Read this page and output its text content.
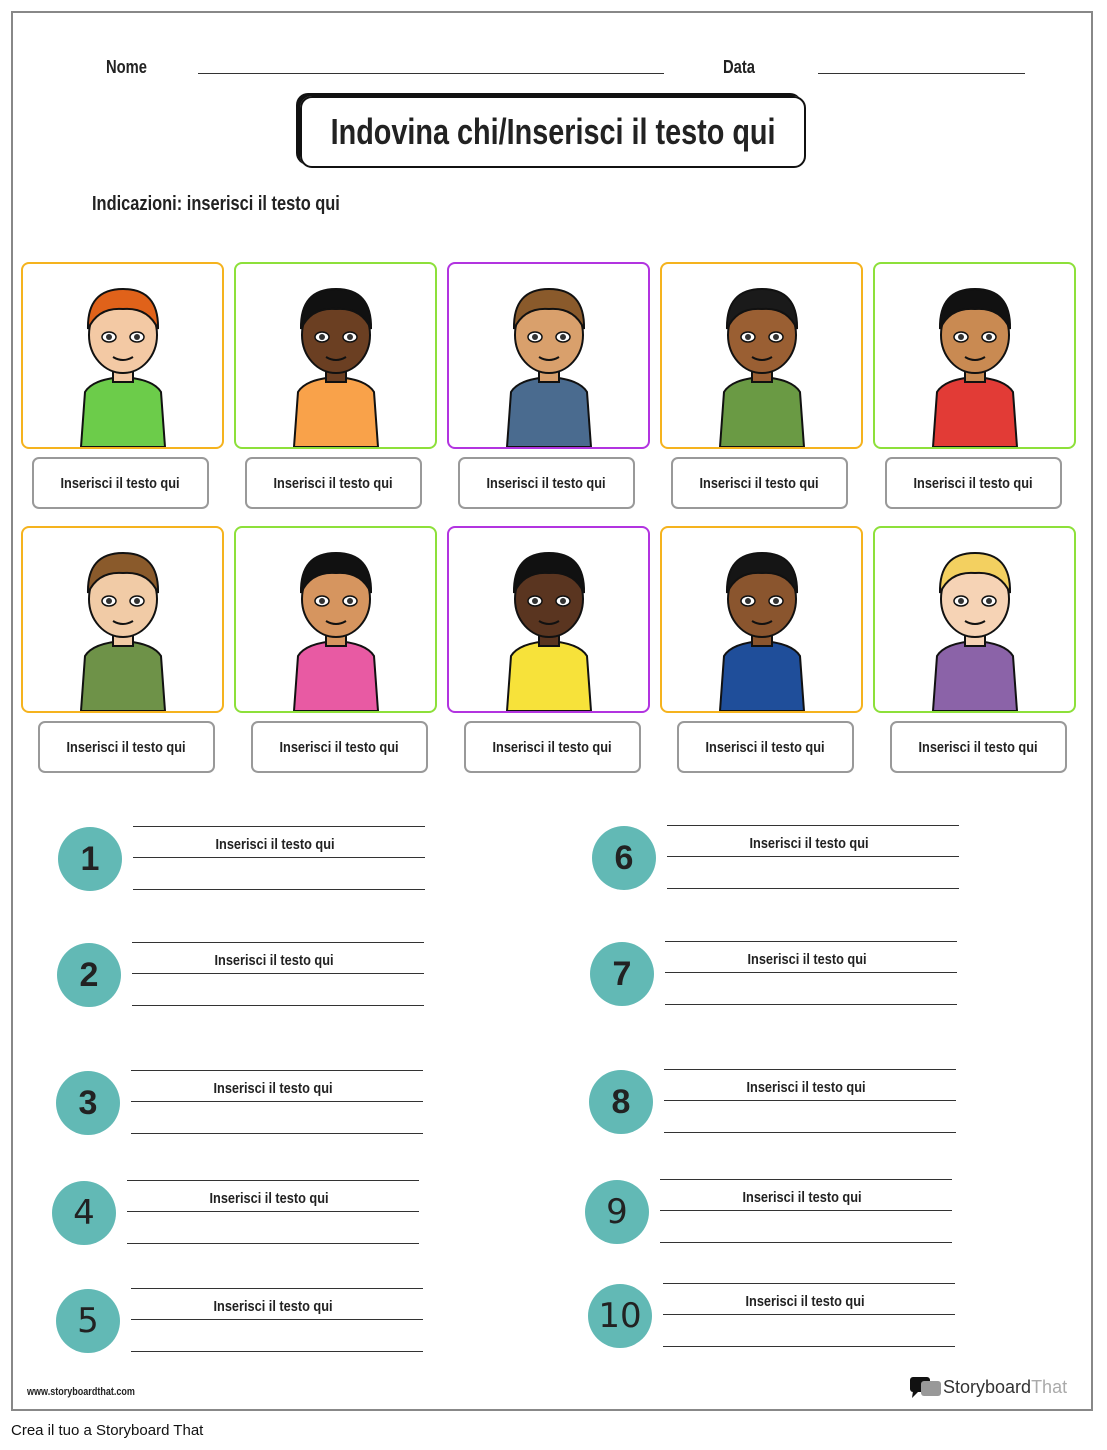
Nome	Data
Indovina chi/Inserisci il testo qui
Indicazioni: inserisci il testo qui
Inserisci il testo qui	Inserisci il testo qui	Inserisci il testo qui	Inserisci il testo qui	Inserisci il testo qui
Inserisci il testo qui	Inserisci il testo qui	Inserisci il testo qui	Inserisci il testo qui	Inserisci il testo qui
1	Inserisci il testo qui
2	Inserisci il testo qui
3	Inserisci il testo qui
4	Inserisci il testo qui
5	Inserisci il testo qui
6	Inserisci il testo qui
7	Inserisci il testo qui
8	Inserisci il testo qui
9	Inserisci il testo qui
10	Inserisci il testo qui
www.storyboardthat.com	Storyboard That
Crea il tuo a Storyboard That
